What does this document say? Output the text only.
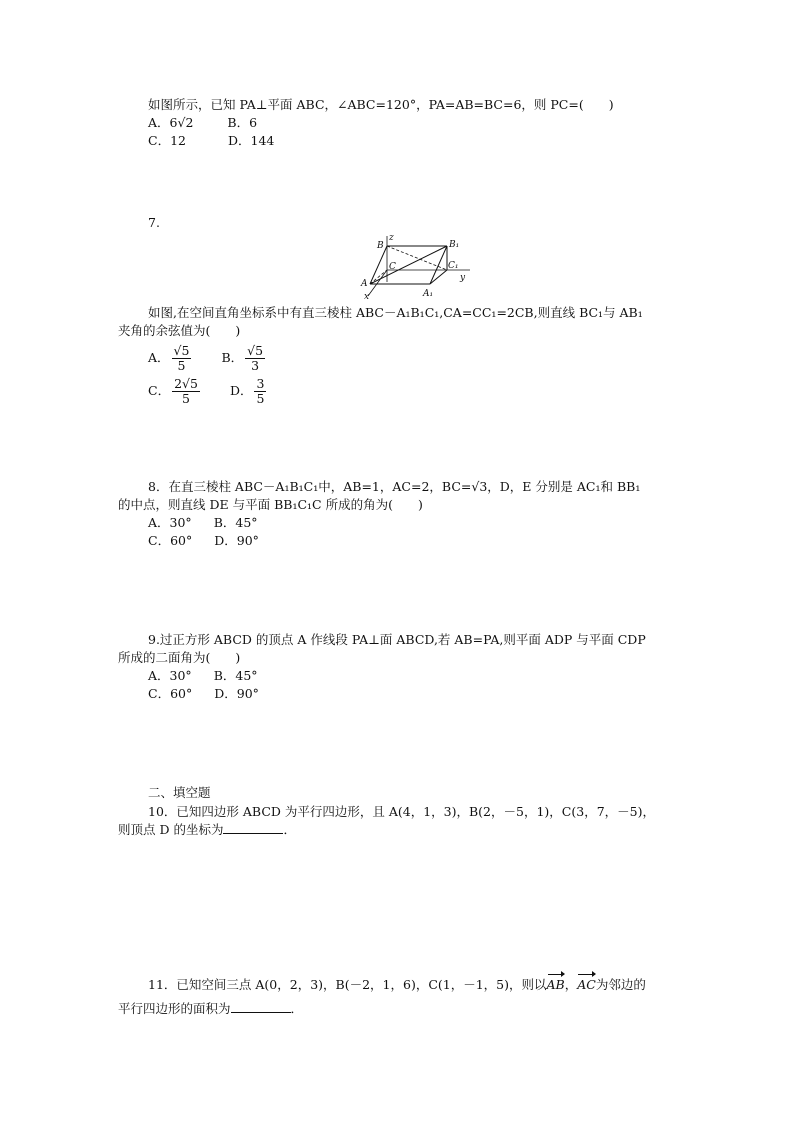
如图所示，已知 PA⊥平面 ABC，∠ABC=120°，PA=AB=BC=6，则 PC=(　　)
A．6√2	B．6
C．12	D．144
7.
B
z
B₁
C	C₁
y
A
x	A₁
如图,在空间直角坐标系中有直三棱柱 ABC－A₁B₁C₁,CA=CC₁=2CB,则直线 BC₁与 AB₁
夹角的余弦值为(　　)
A． $\frac{√5}{5}$ B． $\frac{√5}{3}$
C． $\frac{2√5}{5}$ D． $\frac{3}{5}$
8．在直三棱柱 ABC－A₁B₁C₁中，AB=1，AC=2，BC=√3，D，E 分别是 AC₁和 BB₁
的中点，则直线 DE 与平面 BB₁C₁C 所成的角为(　　)
A．30° B．45°
C．60° D．90°
9.过正方形 ABCD 的顶点 A 作线段 PA⊥面 ABCD,若 AB=PA,则平面 ADP 与平面 CDP
所成的二面角为(　　)
A．30° B．45°
C．60° D．90°
二、填空题
10．已知四边形 ABCD 为平行四边形，且 A(4，1，3)，B(2，－5，1)，C(3，7，－5)，
则顶点 D 的坐标为	．
11．已知空间三点 A(0，2，3)，B(－2，1，6)，C(1，－1，5)，则以AB，AC为邻边的
平行四边形的面积为	．
